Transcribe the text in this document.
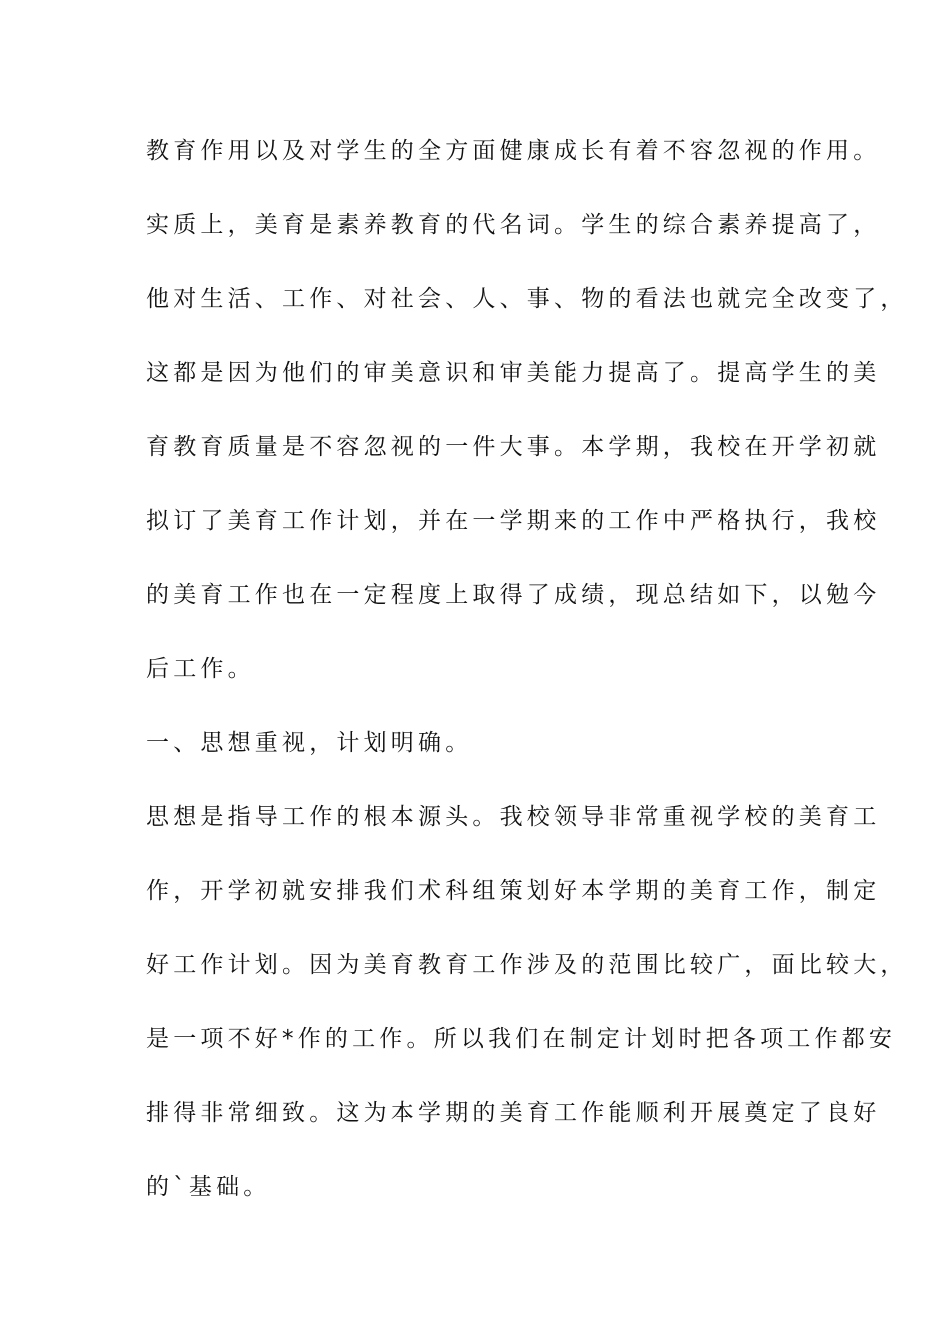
教育作用以及对学生的全方面健康成长有着不容忽视的作用。

实质上，美育是素养教育的代名词。学生的综合素养提高了，

他对生活、工作、对社会、人、事、物的看法也就完全改变了，

这都是因为他们的审美意识和审美能力提高了。提高学生的美

育教育质量是不容忽视的一件大事。本学期，我校在开学初就

拟订了美育工作计划，并在一学期来的工作中严格执行，我校

的美育工作也在一定程度上取得了成绩，现总结如下，以勉今

后工作。

一、思想重视，计划明确。

思想是指导工作的根本源头。我校领导非常重视学校的美育工

作，开学初就安排我们术科组策划好本学期的美育工作，制定

好工作计划。因为美育教育工作涉及的范围比较广，面比较大，

是一项不好*作的工作。所以我们在制定计划时把各项工作都安

排得非常细致。这为本学期的美育工作能顺利开展奠定了良好

的`基础。
